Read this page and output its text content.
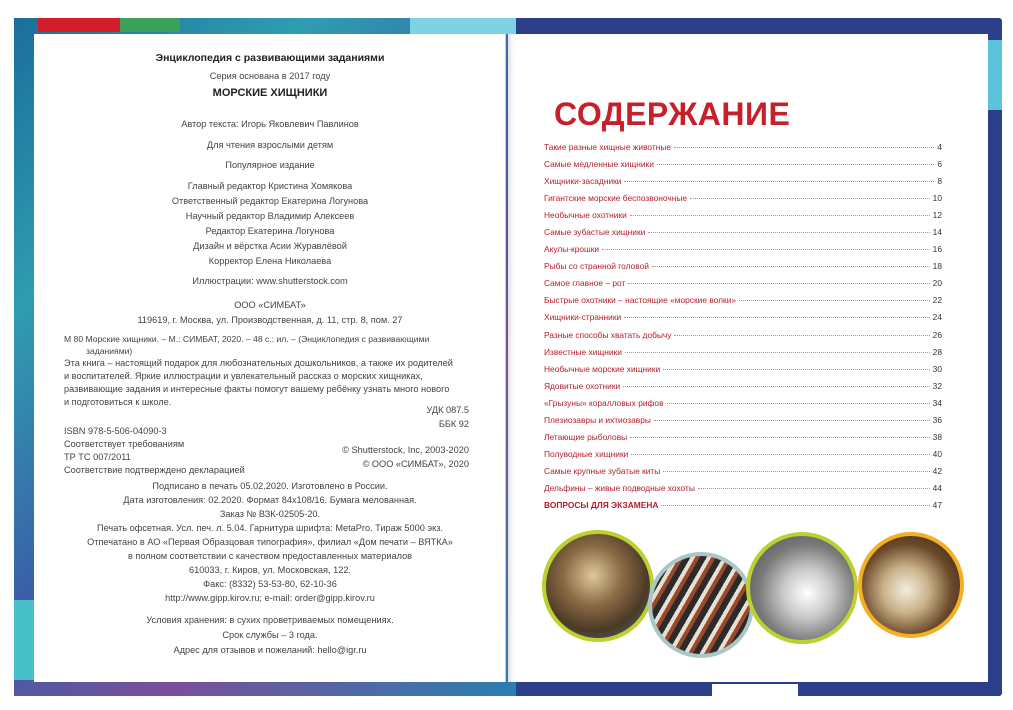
Энциклопедия с развивающими заданиями
Серия основана в 2017 году
МОРСКИЕ ХИЩНИКИ
Автор текста: Игорь Яковлевич Павлинов
Для чтения взрослыми детям
Популярное издание
Главный редактор Кристина Хомякова
Ответственный редактор Екатерина Логунова
Научный редактор Владимир Алексеев
Редактор Екатерина Логунова
Дизайн и вёрстка Асии Журавлёвой
Корректор Елена Николаева
Иллюстрации: www.shutterstock.com
ООО «СИМБАТ»
119619, г. Москва, ул. Производственная, д. 11, стр. 8, пом. 27
М 80 Морские хищники. – М.: СИМБАТ, 2020. – 48 с.: ил. – (Энциклопедия с развивающими
заданиями)
Эта книга – настоящий подарок для любознательных дошкольников, а также их родителей
и воспитателей. Яркие иллюстрации и увлекательный рассказ о морских хищниках,
развивающие задания и интересные факты помогут вашему ребёнку узнать много нового
и подготовиться к школе.
УДК 087.5
ББК 92
ISBN 978-5-506-04090-3
Соответствует требованиям
ТР ТС 007/2011
Соответствие подтверждено декларацией
© Shutterstock, Inc, 2003-2020
© ООО «СИМБАТ», 2020
Подписано в печать 05.02.2020. Изготовлено в России.
Дата изготовления: 02.2020. Формат 84x108/16. Бумага мелованная.
Заказ № ВЗК-02505-20.
Печать офсетная. Усл. печ. л. 5.04. Гарнитура шрифта: MetaPro. Тираж 5000 экз.
Отпечатано в АО «Первая Образцовая типография», филиал «Дом печати – ВЯТКА»
в полном соответствии с качеством предоставленных материалов
610033, г. Киров, ул. Московская, 122.
Факс: (8332) 53-53-80, 62-10-36
http://www.gipp.kirov.ru; e-mail: order@gipp.kirov.ru
Условия хранения: в сухих проветриваемых помещениях.
Срок службы – 3 года.
Адрес для отзывов и пожеланий: hello@igr.ru
СОДЕРЖАНИЕ
Такие разные хищные животные	4
Самые медленные хищники	6
Хищники-засадники	8
Гигантские морские беспозвоночные	10
Необычные охотники	12
Самые зубастые хищники	14
Акулы-крошки	16
Рыбы со странной головой	18
Самое главное – рот	20
Быстрые охотники – настоящие «морские волки»	22
Хищники-странники	24
Разные способы хватать добычу	26
Известные хищники	28
Необычные морские хищники	30
Ядовитые охотники	32
«Грызуны» коралловых рифов	34
Плезиозавры и ихтиозавры	36
Летающие рыболовы	38
Полуводные хищники	40
Самые крупные зубатые киты	42
Дельфины – живые подводные хохоты	44
ВОПРОСЫ ДЛЯ ЭКЗАМЕНА	47
